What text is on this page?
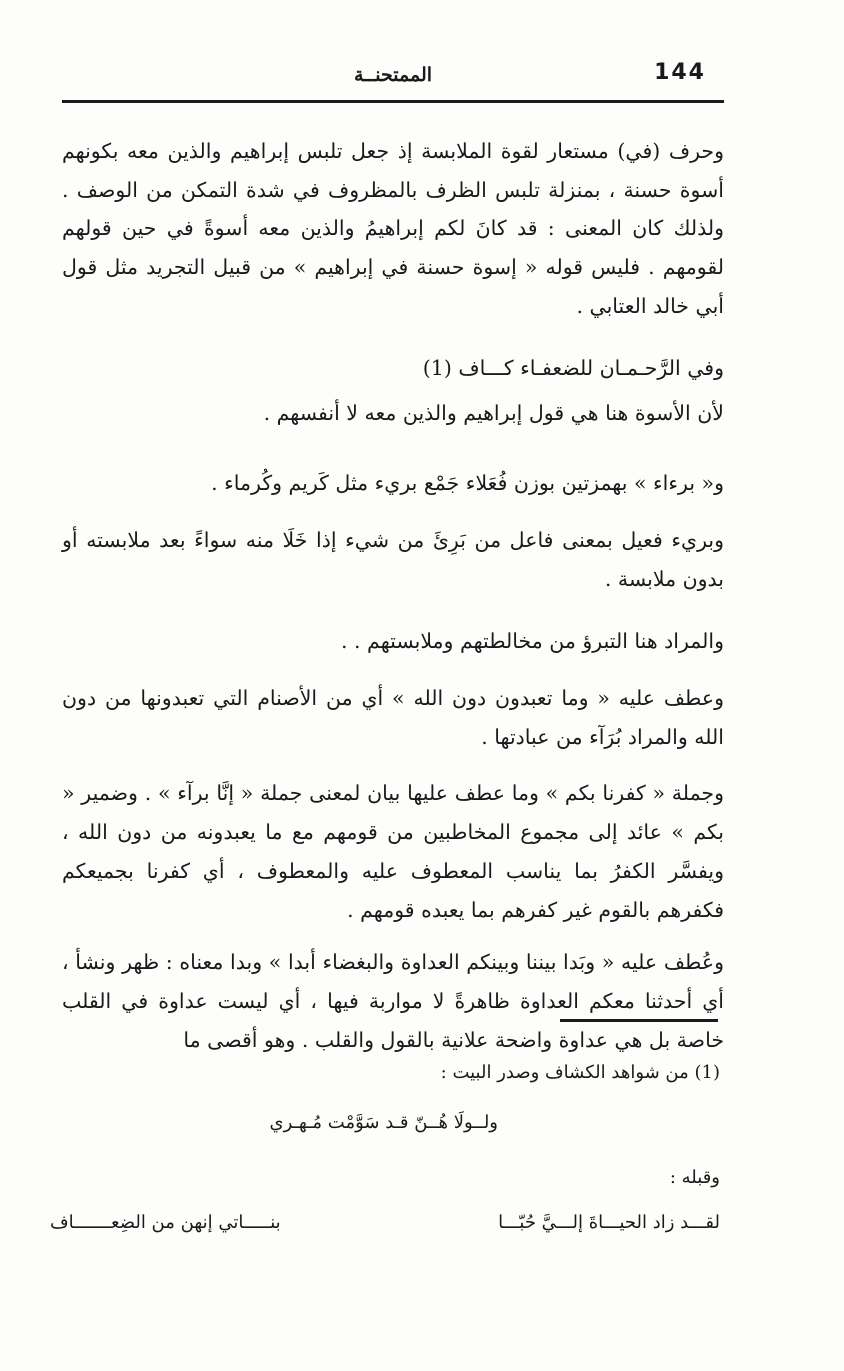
144
الممتحنــة

وحرف (في) مستعار لقوة الملابسة إذ جعل تلبس إبراهيم والذين معه بكونهم أسوة حسنة ، بمنزلة تلبس الظرف بالمظروف في شدة التمكن من الوصف . ولذلك كان المعنى : قد كانَ لكم إبراهيمُ والذين معه أسوةً في حين قولهم لقومهم . فليس قوله « إسوة حسنة في إبراهيم » من قبيل التجريد مثل قول أبي خالد العتابي .

وفي الرَّحـمـان للضعفـاء كـــاف (1)

لأن الأسوة هنا هي قول إبراهيم والذين معه لا أنفسهم .

و« برءاء » بهمزتين بوزن فُعَلاء جَمْع بريء مثل كَريم وكُرماء .

وبريء فعيل بمعنى فاعل من بَرِئَ من شيء إذا خَلَا منه سواءً بعد ملابسته أو بدون ملابسة .

والمراد هنا التبرؤ من مخالطتهم وملابستهم . .

وعطف عليه « وما تعبدون دون الله » أي من الأصنام التي تعبدونها من دون الله والمراد بُرَآء من عبادتها .

وجملة « كفرنا بكم » وما عطف عليها بيان لمعنى جملة « إنَّا برآء » . وضمير « بكم » عائد إلى مجموع المخاطبين من قومهم مع ما يعبدونه من دون الله ، ويفسَّر الكفرُ بما يناسب المعطوف عليه والمعطوف ، أي كفرنا بجميعكم فكفرهم بالقوم غير كفرهم بما يعبده قومهم .

وعُطف عليه « وبَدا بيننا وبينكم العداوة والبغضاء أبدا » وبدا معناه : ظهر ونشأ ، أي أحدثنا معكم العداوة ظاهرةً لا مواربة فيها ، أي ليست عداوة في القلب خاصة بل هي عداوة واضحة علانية بالقول والقلب . وهو أقصى ما

(1) من شواهد الكشاف وصدر البيت :
ولــولَا هُــنّ قـد سَوَّمْت مُـهـري
وقبله :
لقـــد زاد الحيـــاةَ إلـــيَّ حُبّـــا
بنـــــاتي إنهن من الضِعـــــــاف
